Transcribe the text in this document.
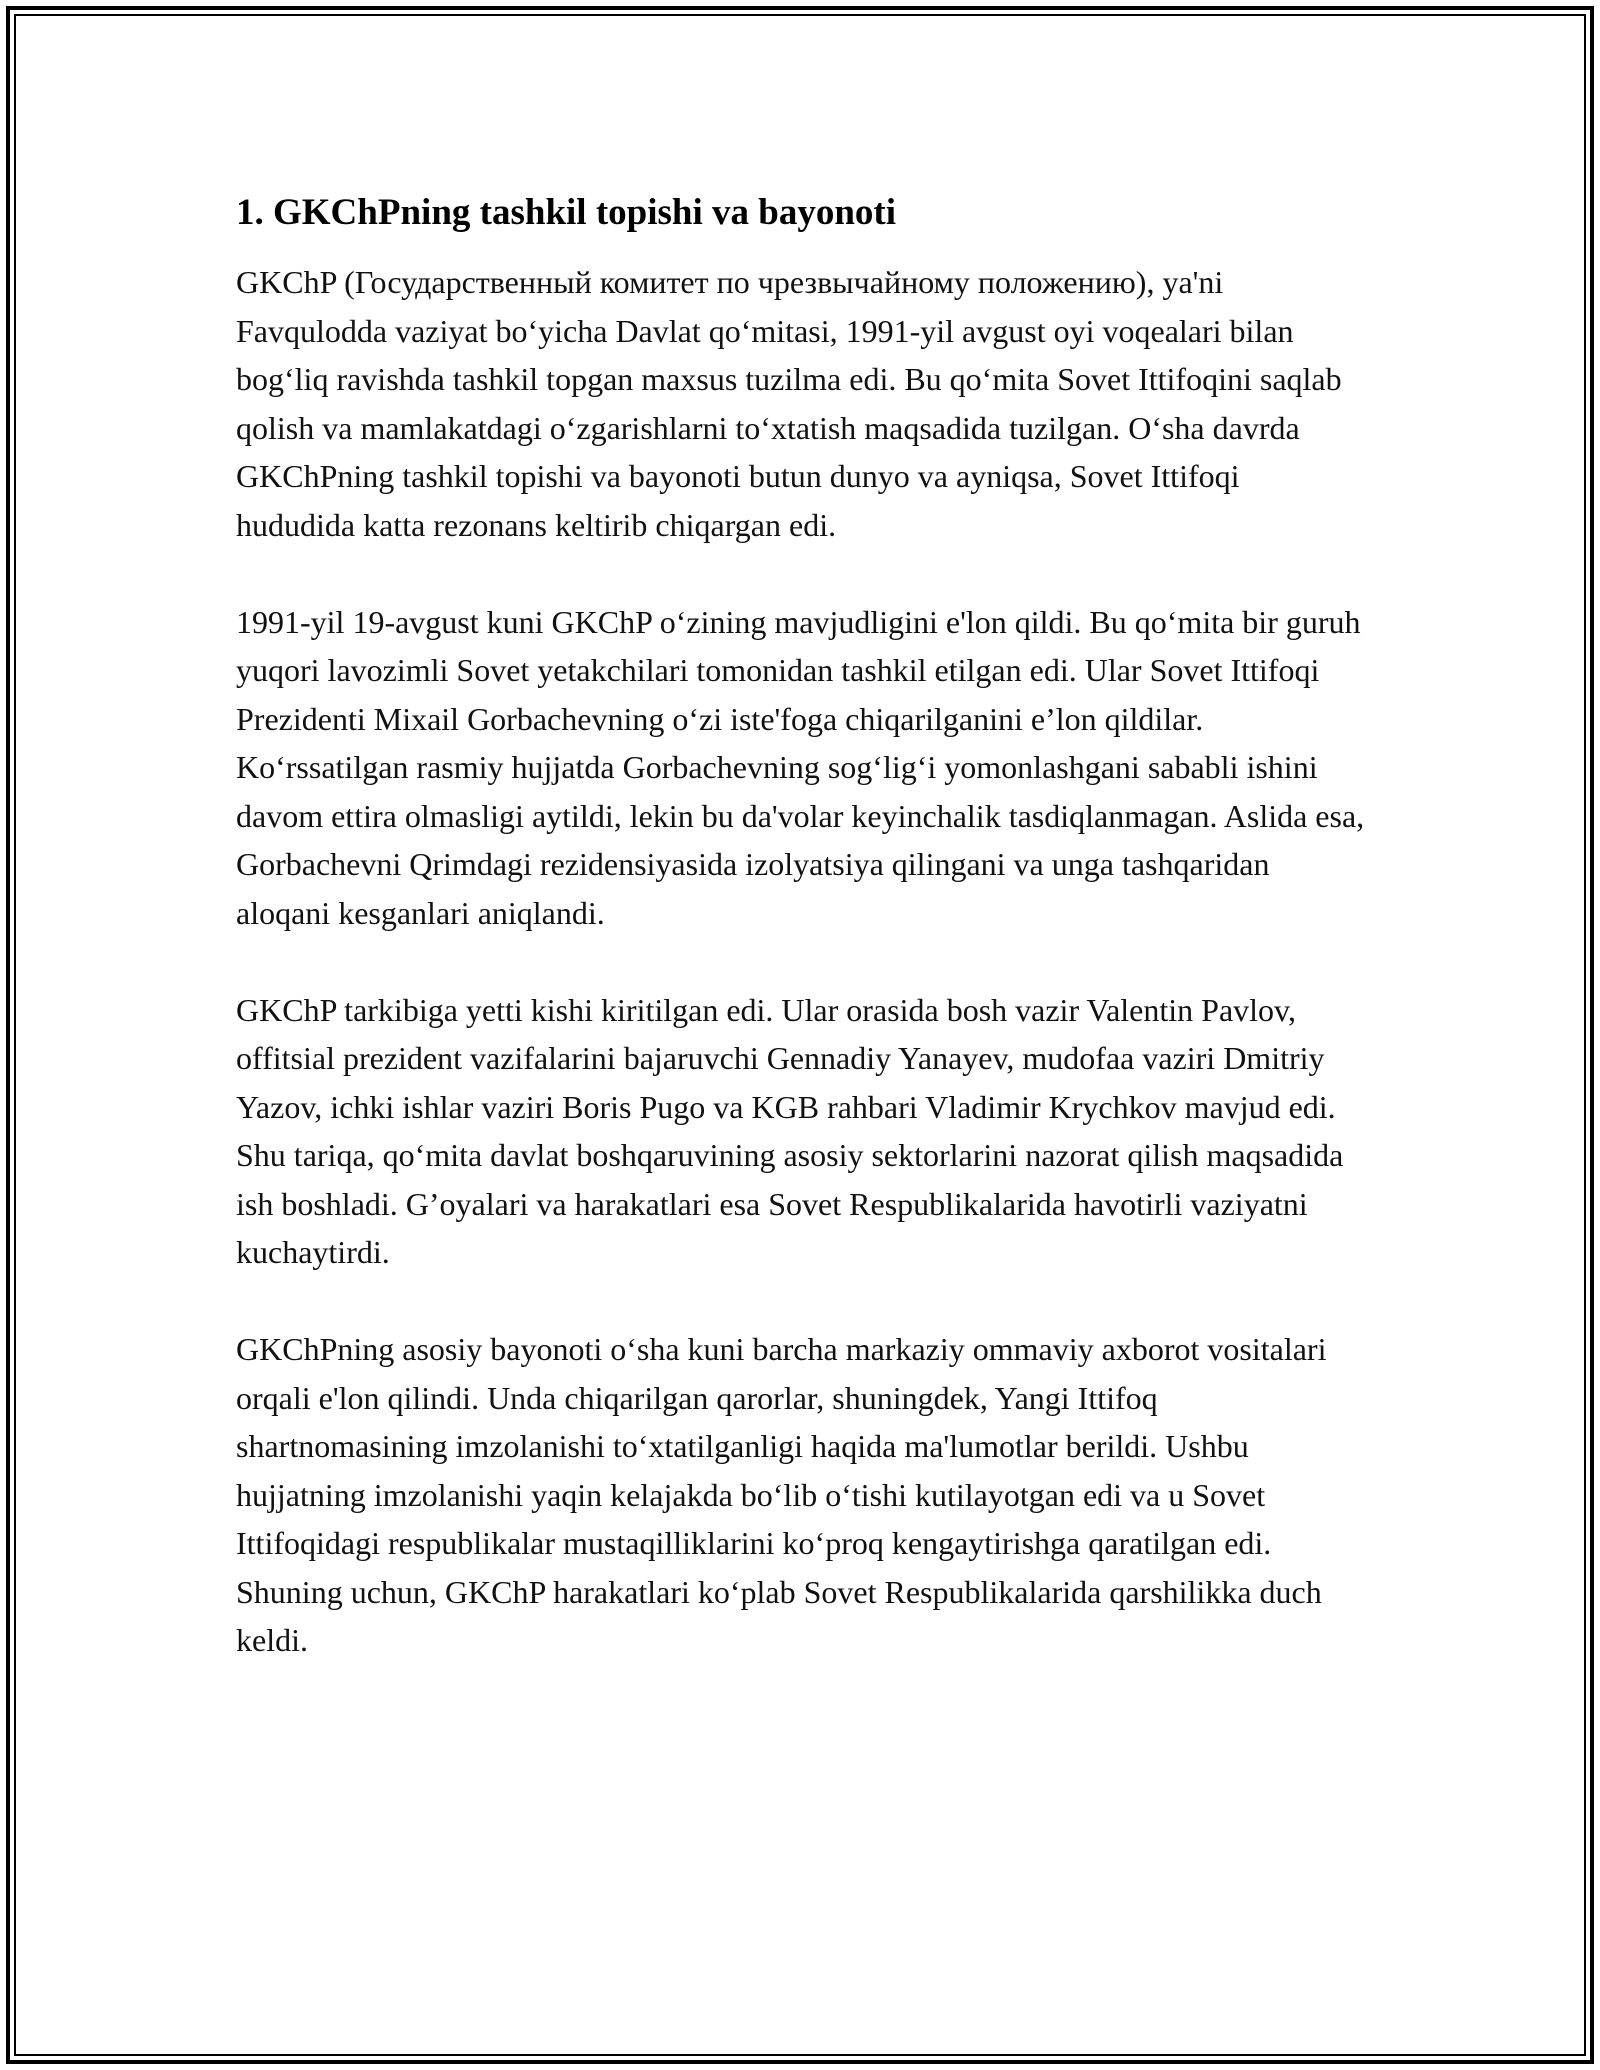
1. GKChPning tashkil topishi va bayonoti

GKChP (Государственный комитет по чрезвычайному положению), ya'ni Favqulodda vaziyat boʻyicha Davlat qoʻmitasi, 1991-yil avgust oyi voqealari bilan bogʻliq ravishda tashkil topgan maxsus tuzilma edi. Bu qoʻmita Sovet Ittifoqini saqlab qolish va mamlakatdagi oʻzgarishlarni toʻxtatish maqsadida tuzilgan. Oʻsha davrda GKChPning tashkil topishi va bayonoti butun dunyo va ayniqsa, Sovet Ittifoqi hududida katta rezonans keltirib chiqargan edi.

1991-yil 19-avgust kuni GKChP oʻzining mavjudligini e'lon qildi. Bu qoʻmita bir guruh yuqori lavozimli Sovet yetakchilari tomonidan tashkil etilgan edi. Ular Sovet Ittifoqi Prezidenti Mixail Gorbachevning oʻzi iste'foga chiqarilganini e’lon qildilar. Koʻrssatilgan rasmiy hujjatda Gorbachevning sogʻligʻi yomonlashgani sababli ishini davom ettira olmasligi aytildi, lekin bu da'volar keyinchalik tasdiqlanmagan. Aslida esa, Gorbachevni Qrimdagi rezidensiyasida izolyatsiya qilingani va unga tashqaridan aloqani kesganlari aniqlandi.

GKChP tarkibiga yetti kishi kiritilgan edi. Ular orasida bosh vazir Valentin Pavlov, offitsial prezident vazifalarini bajaruvchi Gennadiy Yanayev, mudofaa vaziri Dmitriy Yazov, ichki ishlar vaziri Boris Pugo va KGB rahbari Vladimir Krychkov mavjud edi. Shu tariqa, qoʻmita davlat boshqaruvining asosiy sektorlarini nazorat qilish maqsadida ish boshladi. G’oyalari va harakatlari esa Sovet Respublikalarida havotirli vaziyatni kuchaytirdi.

GKChPning asosiy bayonoti oʻsha kuni barcha markaziy ommaviy axborot vositalari orqali e'lon qilindi. Unda chiqarilgan qarorlar, shuningdek, Yangi Ittifoq shartnomasining imzolanishi toʻxtatilganligi haqida ma'lumotlar berildi. Ushbu hujjatning imzolanishi yaqin kelajakda boʻlib oʻtishi kutilayotgan edi va u Sovet Ittifoqidagi respublikalar mustaqilliklarini koʻproq kengaytirishga qaratilgan edi. Shuning uchun, GKChP harakatlari koʻplab Sovet Respublikalarida qarshilikka duch keldi.
